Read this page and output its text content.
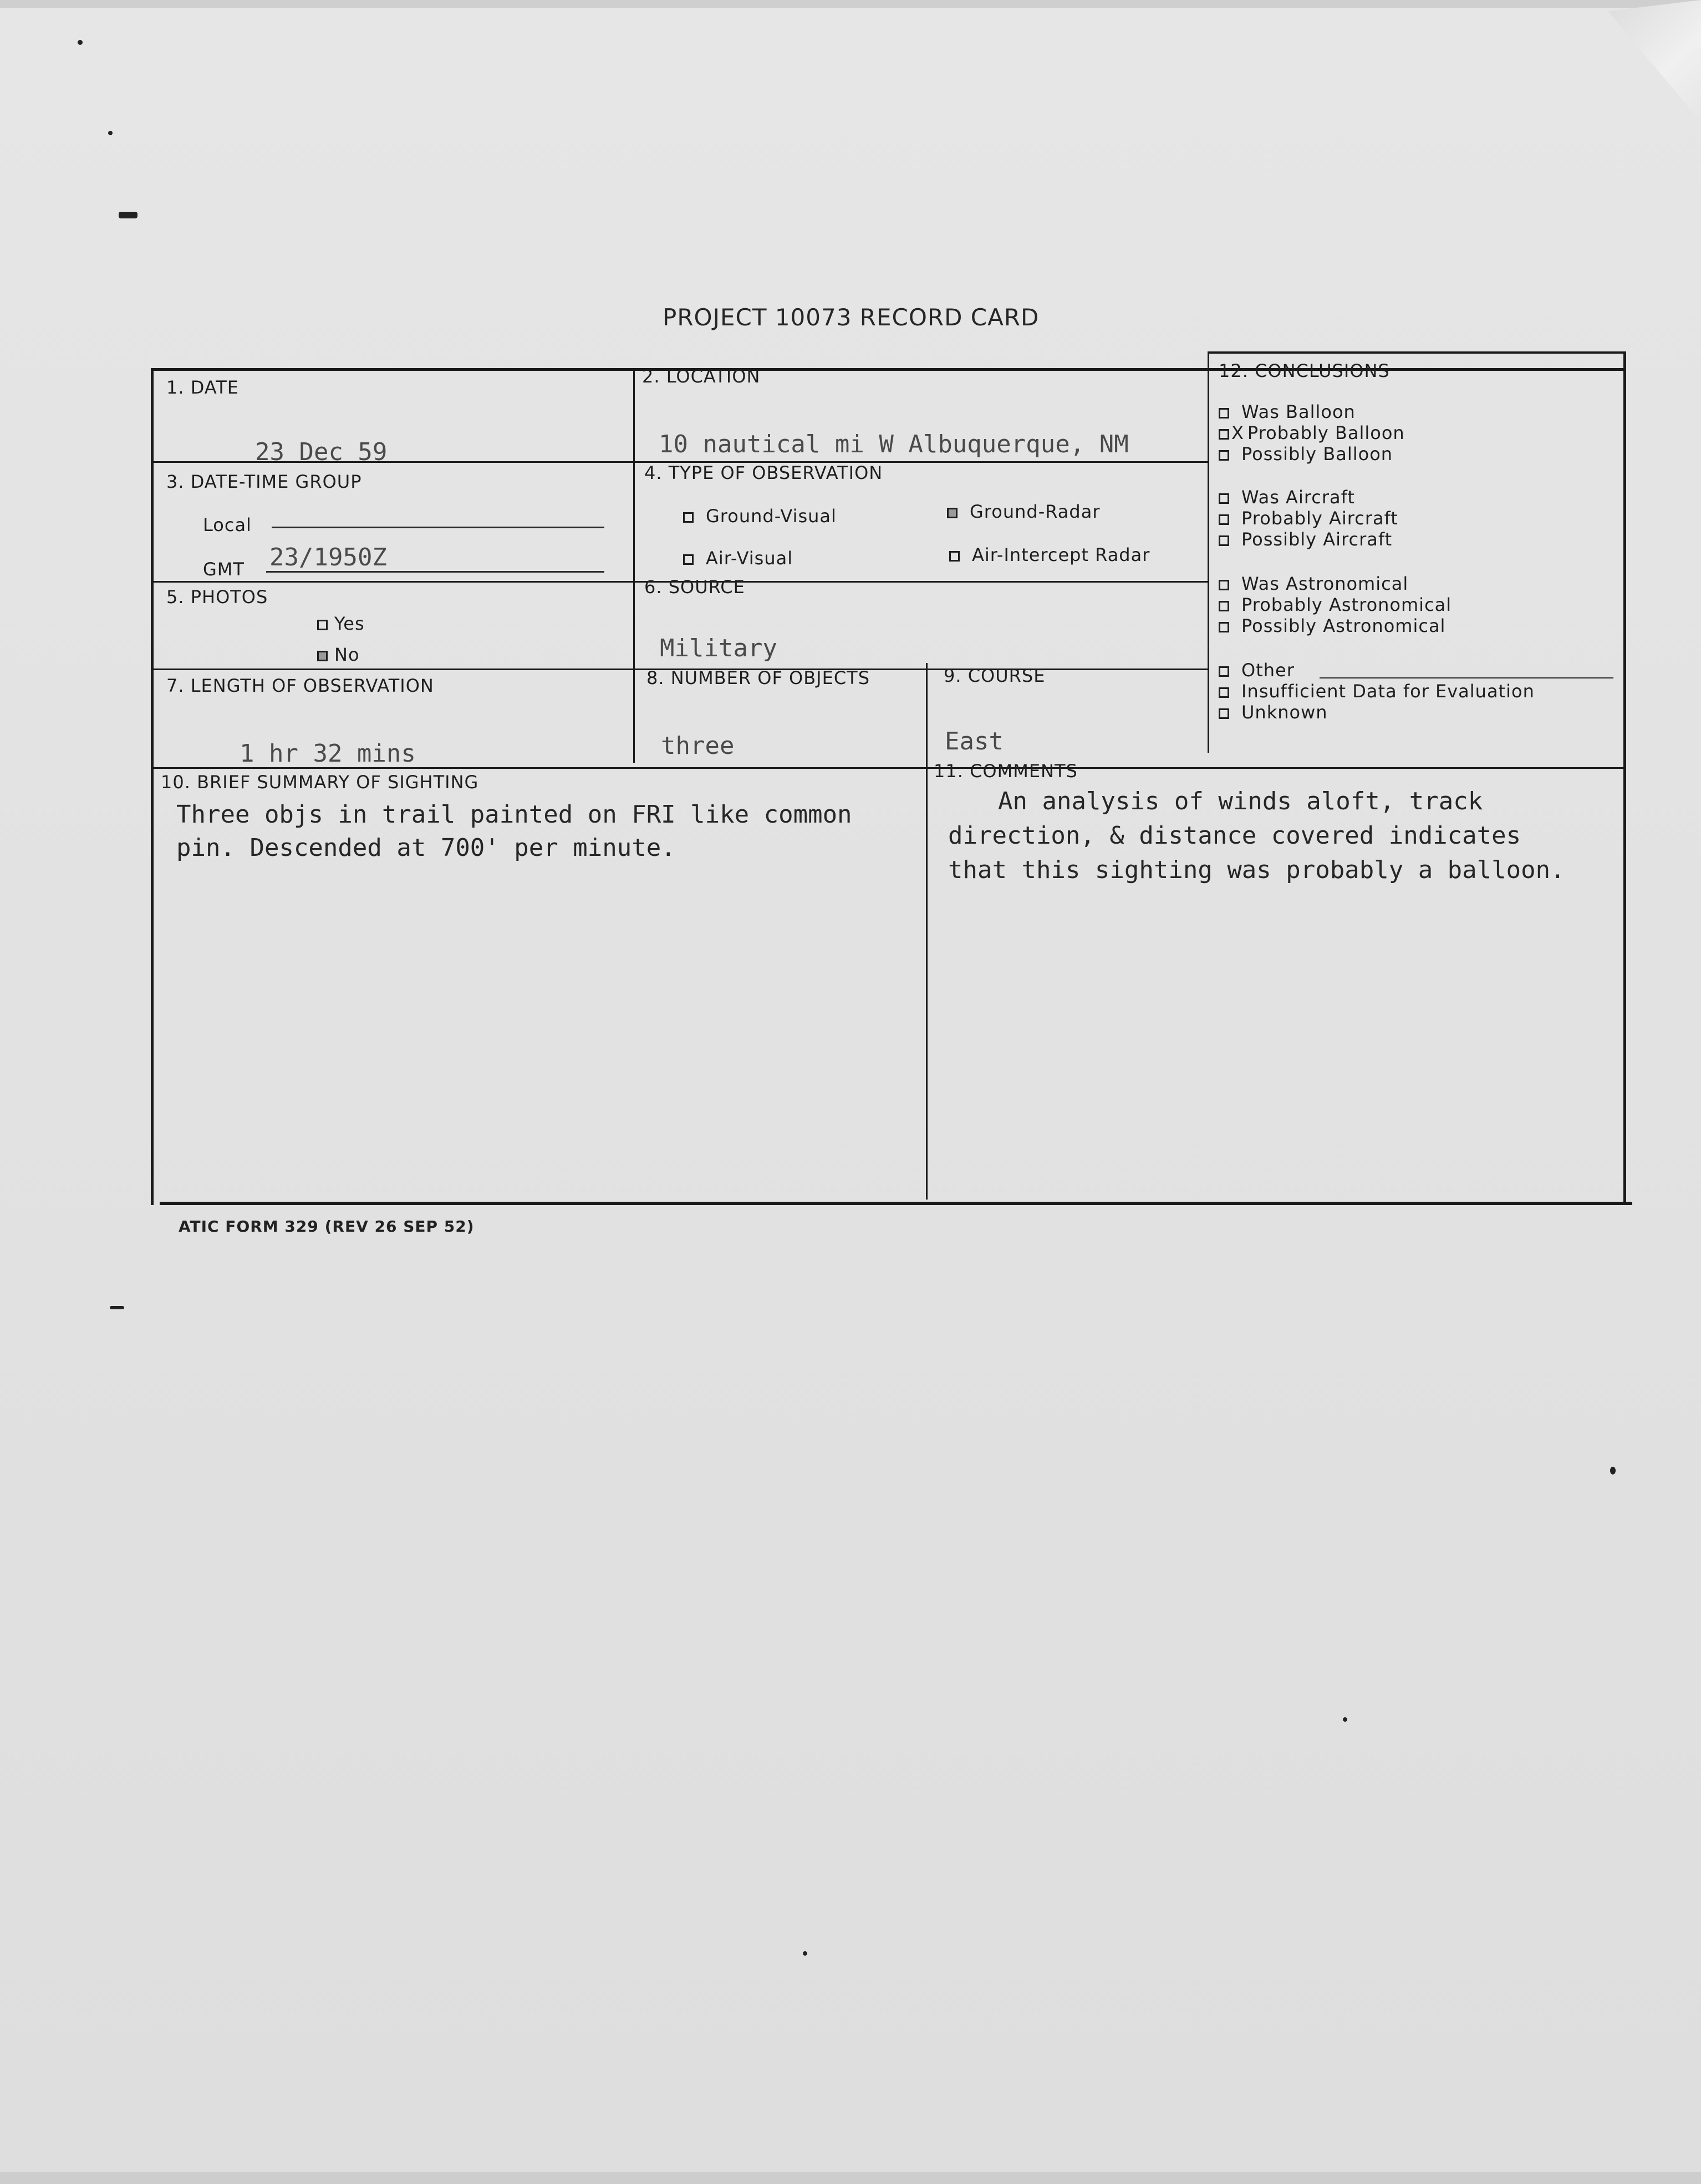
PROJECT 10073 RECORD CARD
1. DATE
23 Dec 59
2. LOCATION
10 nautical mi W Albuquerque, NM
3. DATE-TIME GROUP
Local
GMT 23/1950Z
4. TYPE OF OBSERVATION
Ground-Visual	Ground-Radar
Air-Visual	Air-Intercept Radar
5. PHOTOS
Yes
No
6. SOURCE
Military
7. LENGTH OF OBSERVATION
1 hr 32 mins
8. NUMBER OF OBJECTS
three
9. COURSE
East
10. BRIEF SUMMARY OF SIGHTING
Three objs in trail painted on FRI like common
pin. Descended at 700' per minute.
11. COMMENTS
An analysis of winds aloft, track
direction, & distance covered indicates
that this sighting was probably a balloon.
12. CONCLUSIONS
Was Balloon
X Probably Balloon
Possibly Balloon
Was Aircraft
Probably Aircraft
Possibly Aircraft
Was Astronomical
Probably Astronomical
Possibly Astronomical
Other
Insufficient Data for Evaluation
Unknown
ATIC FORM 329 (REV 26 SEP 52)
